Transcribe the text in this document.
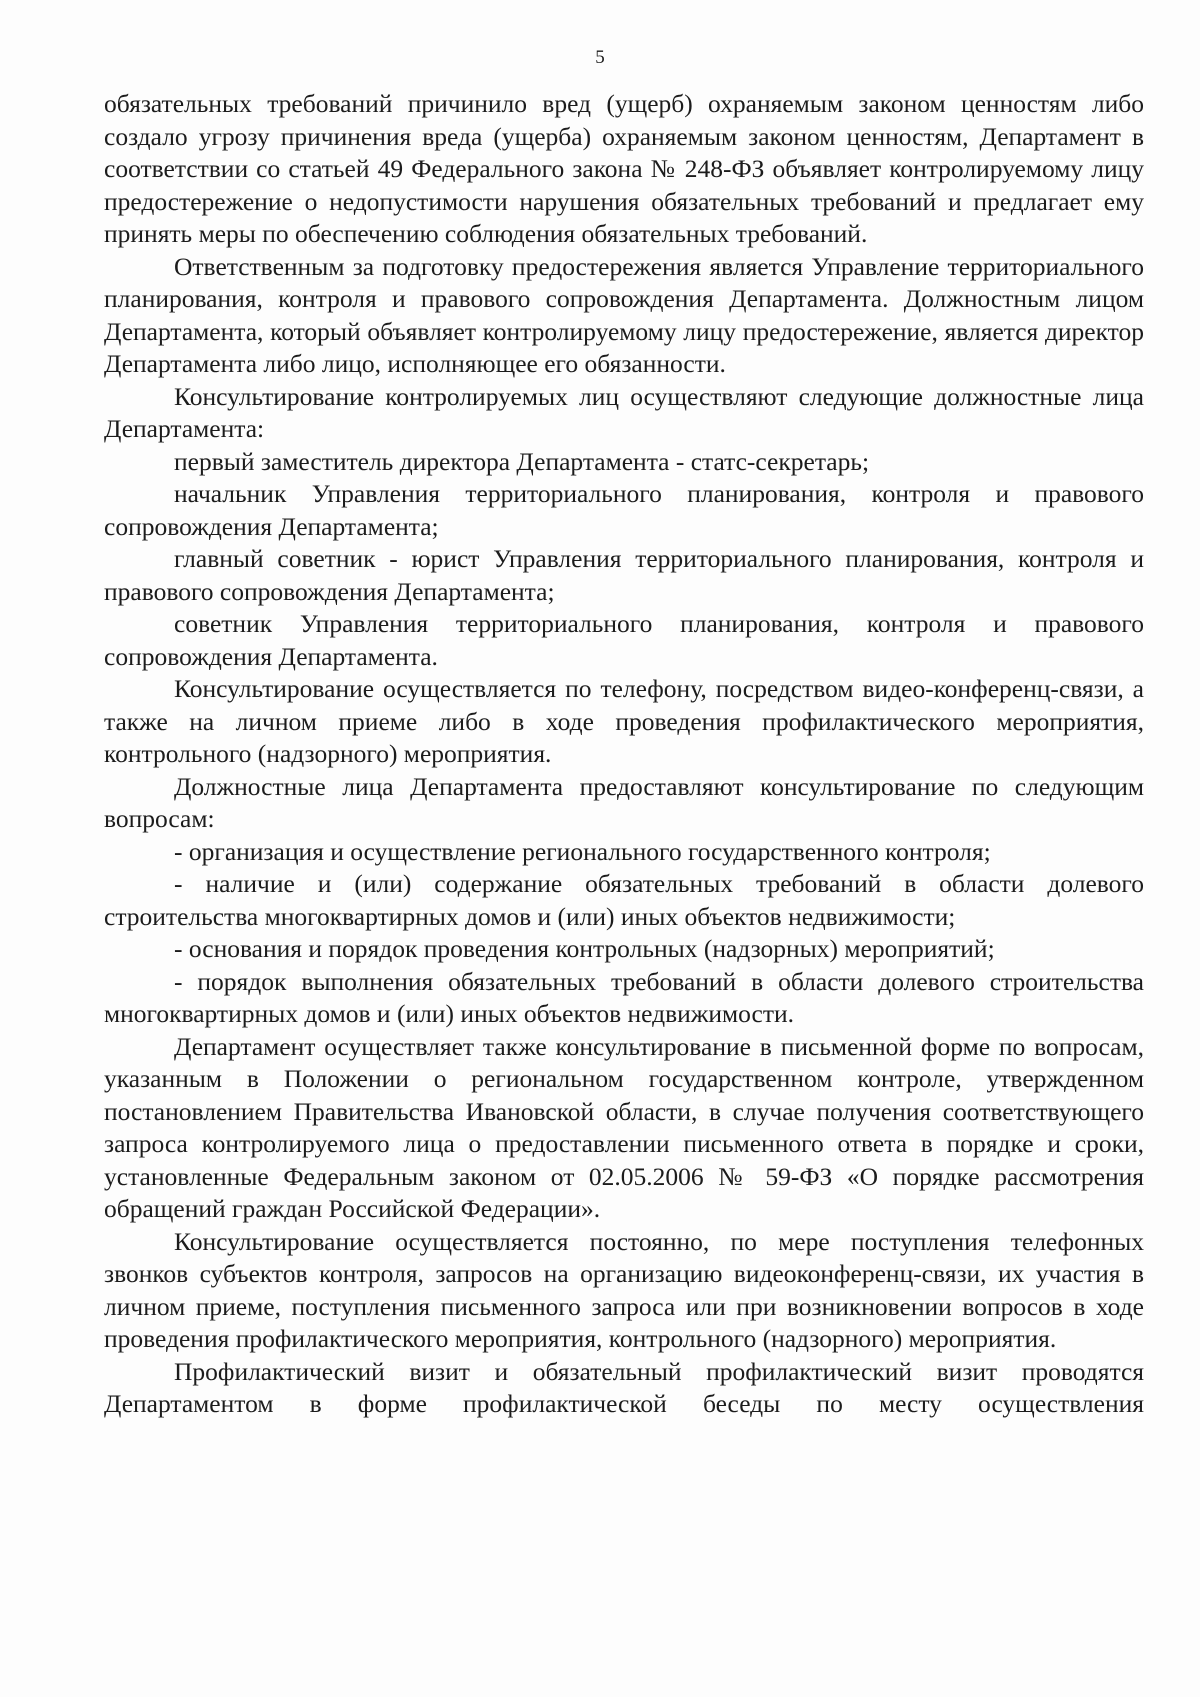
5

обязательных требований причинило вред (ущерб) охраняемым законом ценностям либо создало угрозу причинения вреда (ущерба) охраняемым законом ценностям, Департамент в соответствии со статьей 49 Федерального закона № 248-ФЗ объявляет контролируемому лицу предостережение о недопустимости нарушения обязательных требований и предлагает ему принять меры по обеспечению соблюдения обязательных требований.

Ответственным за подготовку предостережения является Управление территориального планирования, контроля и правового сопровождения Департамента. Должностным лицом Департамента, который объявляет контролируемому лицу предостережение, является директор Департамента либо лицо, исполняющее его обязанности.

Консультирование контролируемых лиц осуществляют следующие должностные лица Департамента:

первый заместитель директора Департамента - статс-секретарь;

начальник Управления территориального планирования, контроля и правового сопровождения Департамента;

главный советник - юрист Управления территориального планирования, контроля и правового сопровождения Департамента;

советник Управления территориального планирования, контроля и правового сопровождения Департамента.

Консультирование осуществляется по телефону, посредством видео-конференц-связи, а также на личном приеме либо в ходе проведения профилактического мероприятия, контрольного (надзорного) мероприятия.

Должностные лица Департамента предоставляют консультирование по следующим вопросам:

- организация и осуществление регионального государственного контроля;

- наличие и (или) содержание обязательных требований в области долевого строительства многоквартирных домов и (или) иных объектов недвижимости;

- основания и порядок проведения контрольных (надзорных) мероприятий;

- порядок выполнения обязательных требований в области долевого строительства многоквартирных домов и (или) иных объектов недвижимости.

Департамент осуществляет также консультирование в письменной форме по вопросам, указанным в Положении о региональном государственном контроле, утвержденном постановлением Правительства Ивановской области, в случае получения соответствующего запроса контролируемого лица о предоставлении письменного ответа в порядке и сроки, установленные Федеральным законом от 02.05.2006 № 59-ФЗ «О порядке рассмотрения обращений граждан Российской Федерации».

Консультирование осуществляется постоянно, по мере поступления телефонных звонков субъектов контроля, запросов на организацию видеоконференц-связи, их участия в личном приеме, поступления письменного запроса или при возникновении вопросов в ходе проведения профилактического мероприятия, контрольного (надзорного) мероприятия.

Профилактический визит и обязательный профилактический визит проводятся Департаментом в форме профилактической беседы по месту осуществления
